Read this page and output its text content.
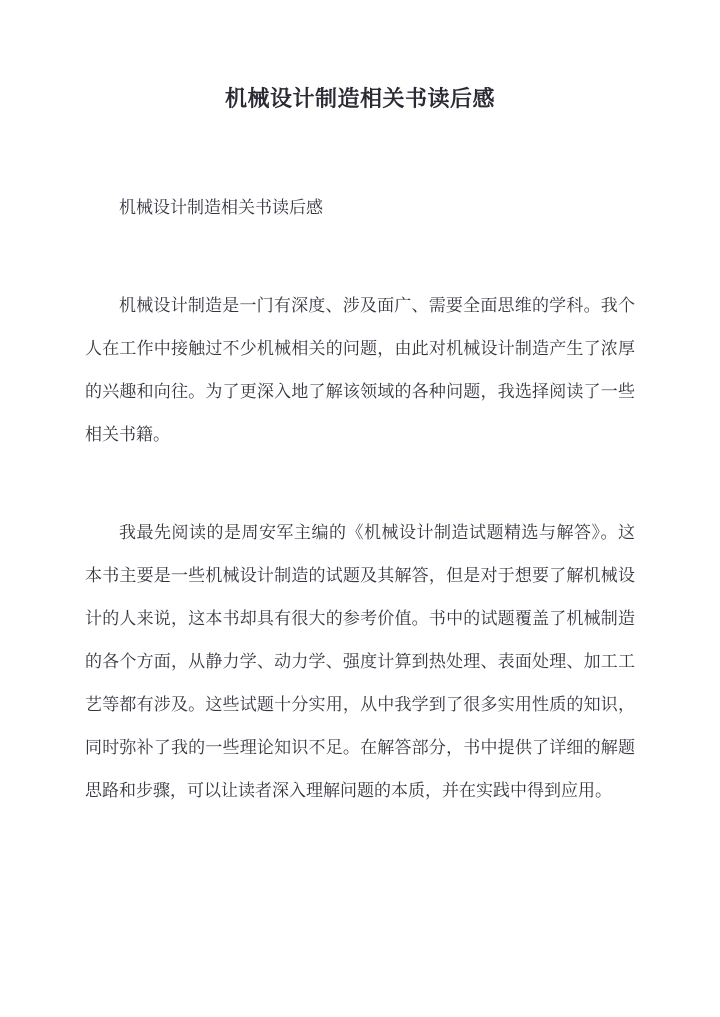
机械设计制造相关书读后感

机械设计制造相关书读后感

机械设计制造是一门有深度、涉及面广、需要全面思维的学科。我个人在工作中接触过不少机械相关的问题，由此对机械设计制造产生了浓厚的兴趣和向往。为了更深入地了解该领域的各种问题，我选择阅读了一些相关书籍。

我最先阅读的是周安军主编的《机械设计制造试题精选与解答》。这本书主要是一些机械设计制造的试题及其解答，但是对于想要了解机械设计的人来说，这本书却具有很大的参考价值。书中的试题覆盖了机械制造的各个方面，从静力学、动力学、强度计算到热处理、表面处理、加工工艺等都有涉及。这些试题十分实用，从中我学到了很多实用性质的知识，同时弥补了我的一些理论知识不足。在解答部分，书中提供了详细的解题思路和步骤，可以让读者深入理解问题的本质，并在实践中得到应用。
